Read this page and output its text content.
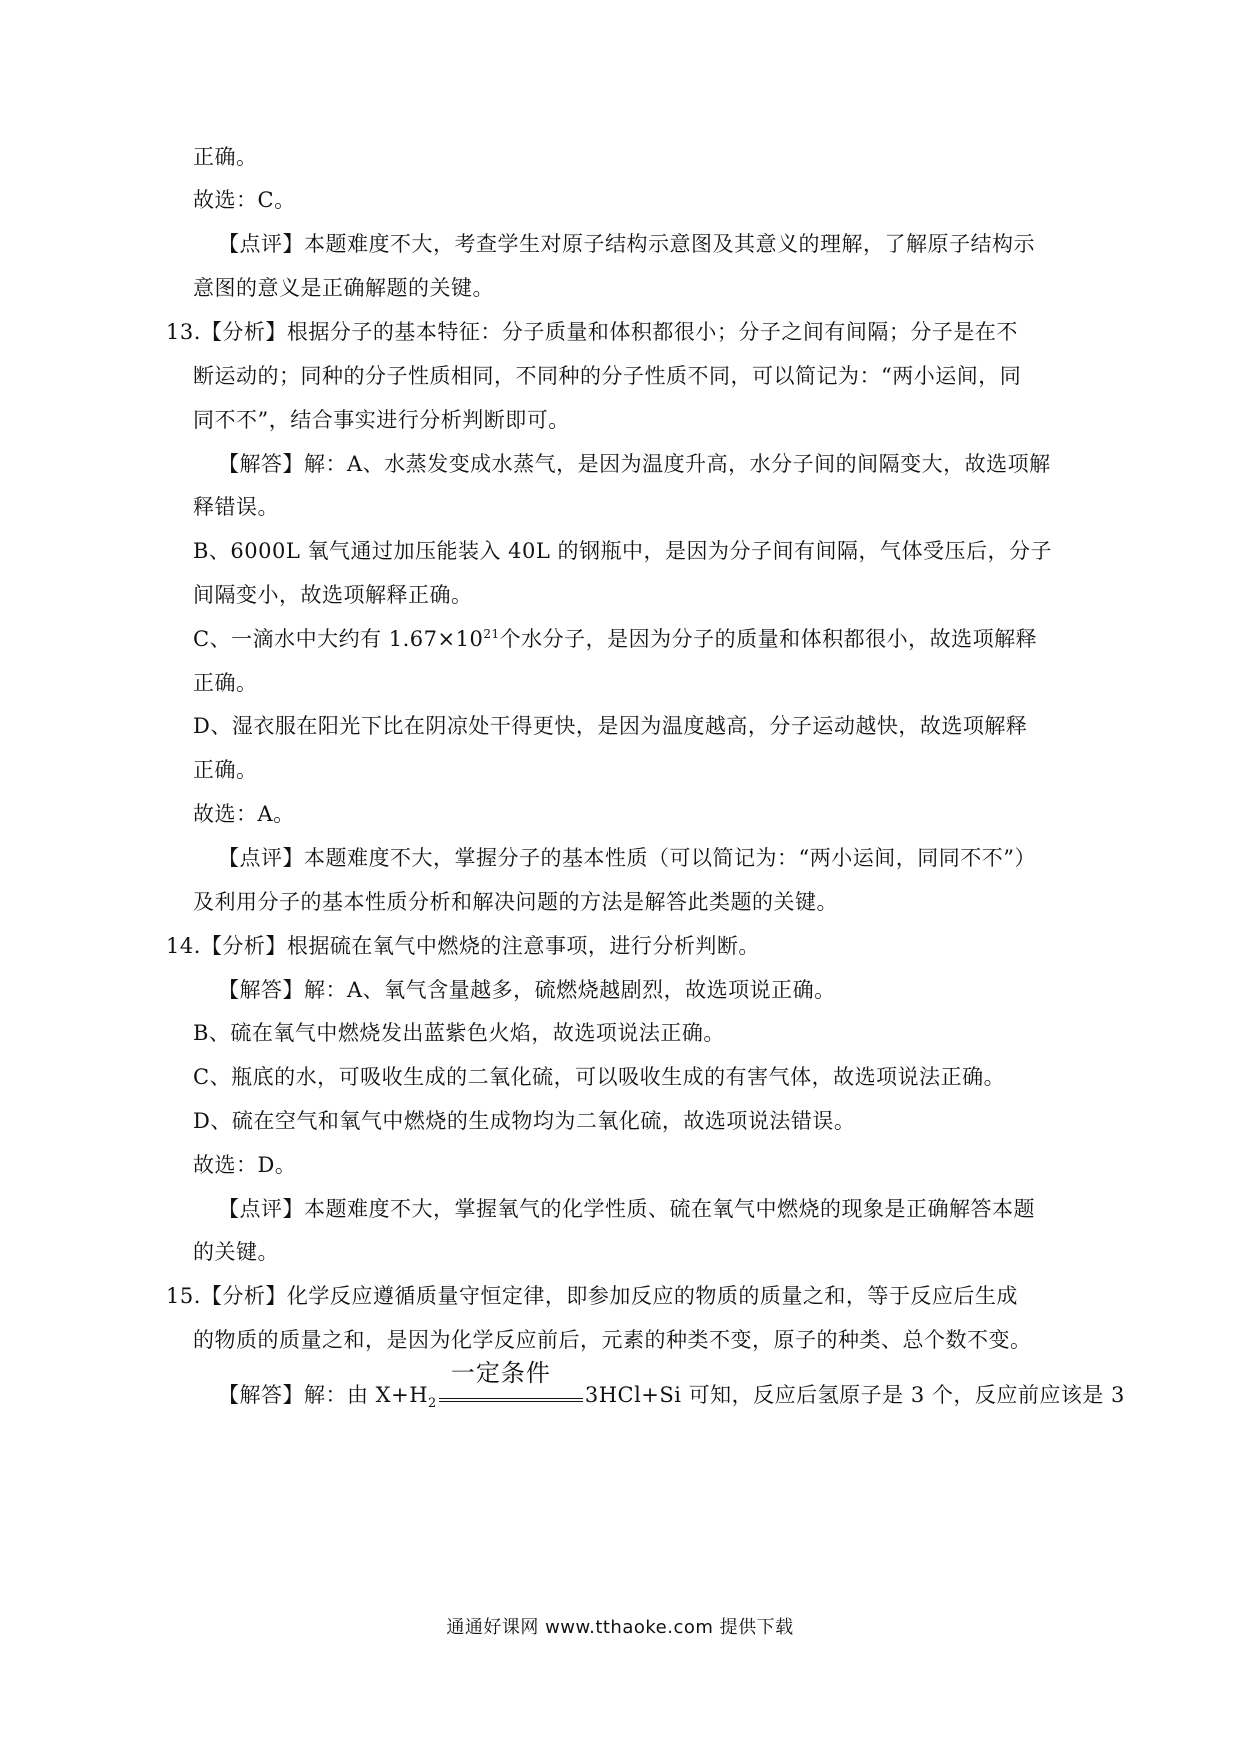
正确。
故选：C。
【点评】本题难度不大，考查学生对原子结构示意图及其意义的理解，了解原子结构示
意图的意义是正确解题的关键。
13.【分析】根据分子的基本特征：分子质量和体积都很小；分子之间有间隔；分子是在不
断运动的；同种的分子性质相同，不同种的分子性质不同，可以简记为：“两小运间，同
同不不”，结合事实进行分析判断即可。
【解答】解：A、水蒸发变成水蒸气，是因为温度升高，水分子间的间隔变大，故选项解
释错误。
B、6000L 氧气通过加压能装入 40L 的钢瓶中，是因为分子间有间隔，气体受压后，分子
间隔变小，故选项解释正确。
C、一滴水中大约有 $1.67\times 10^{21}$个水分子，是因为分子的质量和体积都很小，故选项解释
正确。
D、湿衣服在阳光下比在阴凉处干得更快，是因为温度越高，分子运动越快，故选项解释
正确。
故选：A。
【点评】本题难度不大，掌握分子的基本性质（可以简记为：“两小运间，同同不不”）
及利用分子的基本性质分析和解决问题的方法是解答此类题的关键。
14.【分析】根据硫在氧气中燃烧的注意事项，进行分析判断。
【解答】解：A、氧气含量越多，硫燃烧越剧烈，故选项说正确。
B、硫在氧气中燃烧发出蓝紫色火焰，故选项说法正确。
C、瓶底的水，可吸收生成的二氧化硫，可以吸收生成的有害气体，故选项说法正确。
D、硫在空气和氧气中燃烧的生成物均为二氧化硫，故选项说法错误。
故选：D。
【点评】本题难度不大，掌握氧气的化学性质、硫在氧气中燃烧的现象是正确解答本题
的关键。
15.【分析】化学反应遵循质量守恒定律，即参加反应的物质的质量之和，等于反应后生成
的物质的质量之和，是因为化学反应前后，元素的种类不变，原子的种类、总个数不变。
【解答】解：由 $X+H_2$
一定条件
3HCl+Si 可知，反应后氢原子是 3 个，反应前应该是 3
通通好课网 www.tthaoke.com 提供下载
